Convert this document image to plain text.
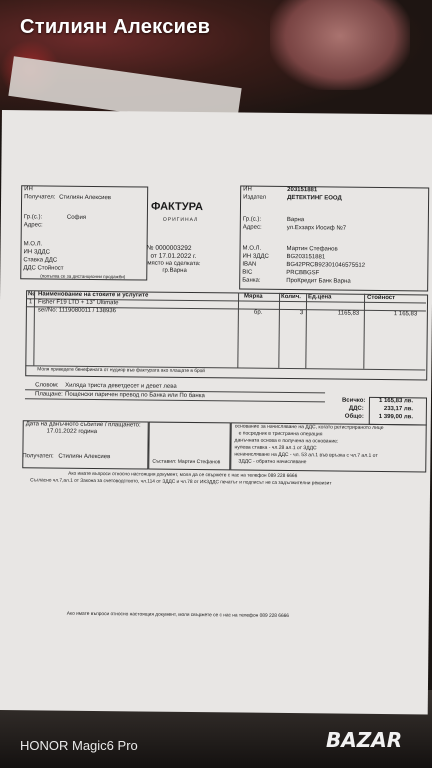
Стилиян Алексиев
ИН
Получател: Стилиян Алексиев
Гр.(с.):	София
Адрес:
М.О.Л.
ИН ЗДДС
Ставка ДДС
ДДС Стойност
(попълва се за дистанционни продажби)
ФАКТУРА
ОРИГИНАЛ
№ 0000003292
от 17.01.2022 г.
място на сделката:
гр.Варна
ИН	203151881
Издател	ДЕТЕКТИНГ ЕООД
Гр.(с.):	Варна
Адрес:	ул.Ехзарх Иосиф №7
М.О.Л.	Мартин Стефанов
ИН ЗДДС	BG203151881
IBAN	BG42PRCB92301046575512
BIC	PRCBBGSF
Банка:	ПроКредит Банк Варна
№ Наименование на стоките и услугите	Мярка	Колич. Ед.цена	Стойност
1 Fisher F19 LTD + 13" Ultimate
ser/No: 1119080011 / 138936	бр.	3	1165,83	1 165,83
Моля приведете бенефината от нудияр във фактурата ако плащате в брой
Словом: Хиляда триста деветдесет и девет лева
Плащане: Пощенски паричен превод по Банка или По банка
Всичко: 1 165,83 лв.
ДДС:	233,17 лв.
Общо: 1 399,00 лв.
Дата на данъчното събитие / плащането:
17.01.2022 година
Получател: Стилиян Алексиев
Съставил: Мартин Стефанов
основание за начисляване на ДДС, когато регистрираното лице
е посредник в тристранна операция
данъчната основа е получена на основание:
нулева ставка - чл.28 ал.1 от ЗДДС
неначисляване на ДДС - чл. 53 ал.1 във връзка с чл.7 ал.1 от
ЗДДС - обратно начисляване
Ако имате въпроси относно настоящия документ, моля да се свържете с нас на телефон 089 228 6666
Съгласно чл.7,ал.1 от Закона за счетоводството, чл.114 от ЗДДС и чл.78 от ИКЗДДС печатът и подписът не са задължителни реквизит
Ако имате въпроси относно настоящия документ, моля свържете се с нас на телефон 089 228 6666
HONOR Magic6 Pro	BAZAR
